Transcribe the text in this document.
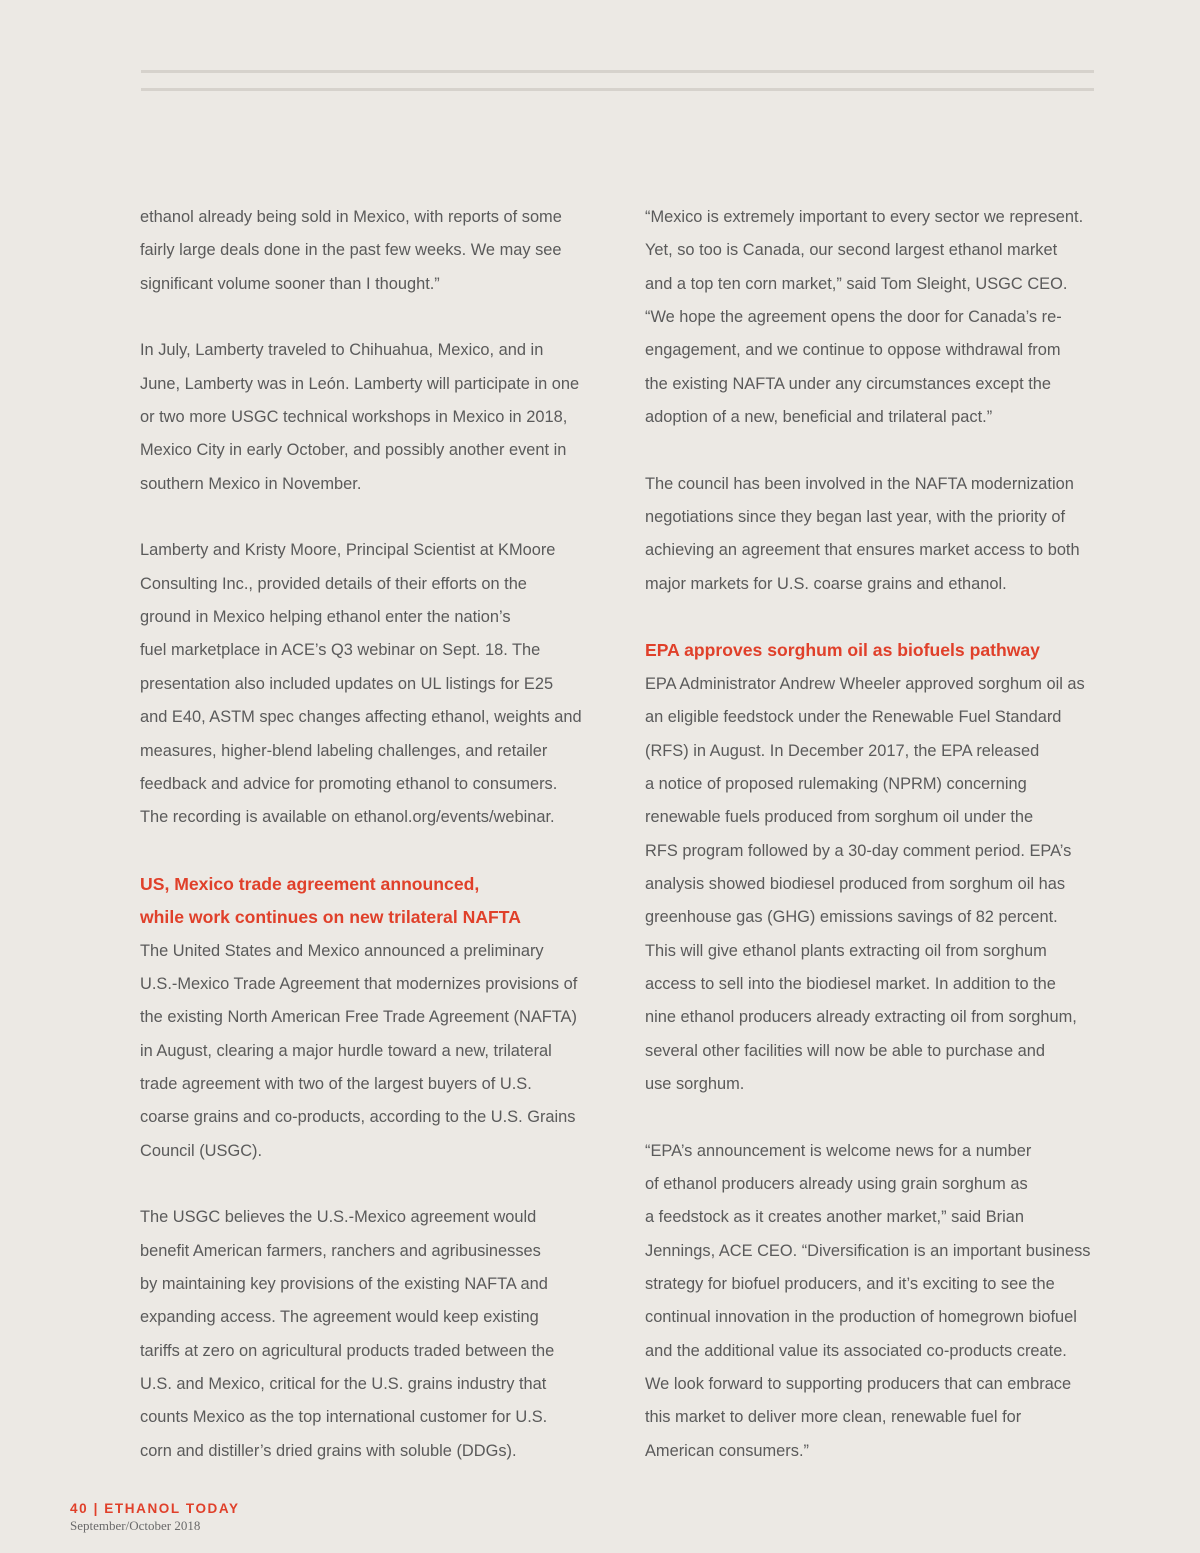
ethanol already being sold in Mexico, with reports of some
fairly large deals done in the past few weeks. We may see
significant volume sooner than I thought.”
In July, Lamberty traveled to Chihuahua, Mexico, and in
June, Lamberty was in León. Lamberty will participate in one
or two more USGC technical workshops in Mexico in 2018,
Mexico City in early October, and possibly another event in
southern Mexico in November.
Lamberty and Kristy Moore, Principal Scientist at KMoore
Consulting Inc., provided details of their efforts on the
ground in Mexico helping ethanol enter the nation’s
fuel marketplace in ACE’s Q3 webinar on Sept. 18. The
presentation also included updates on UL listings for E25
and E40, ASTM spec changes affecting ethanol, weights and
measures, higher-blend labeling challenges, and retailer
feedback and advice for promoting ethanol to consumers.
The recording is available on ethanol.org/events/webinar.
US, Mexico trade agreement announced,
while work continues on new trilateral NAFTA
The United States and Mexico announced a preliminary
U.S.-Mexico Trade Agreement that modernizes provisions of
the existing North American Free Trade Agreement (NAFTA)
in August, clearing a major hurdle toward a new, trilateral
trade agreement with two of the largest buyers of U.S.
coarse grains and co-products, according to the U.S. Grains
Council (USGC).
The USGC believes the U.S.-Mexico agreement would
benefit American farmers, ranchers and agribusinesses
by maintaining key provisions of the existing NAFTA and
expanding access. The agreement would keep existing
tariffs at zero on agricultural products traded between the
U.S. and Mexico, critical for the U.S. grains industry that
counts Mexico as the top international customer for U.S.
corn and distiller’s dried grains with soluble (DDGs).
“Mexico is extremely important to every sector we represent.
Yet, so too is Canada, our second largest ethanol market
and a top ten corn market,” said Tom Sleight, USGC CEO.
“We hope the agreement opens the door for Canada’s re-
engagement, and we continue to oppose withdrawal from
the existing NAFTA under any circumstances except the
adoption of a new, beneficial and trilateral pact.”
The council has been involved in the NAFTA modernization
negotiations since they began last year, with the priority of
achieving an agreement that ensures market access to both
major markets for U.S. coarse grains and ethanol.
EPA approves sorghum oil as biofuels pathway
EPA Administrator Andrew Wheeler approved sorghum oil as
an eligible feedstock under the Renewable Fuel Standard
(RFS) in August. In December 2017, the EPA released
a notice of proposed rulemaking (NPRM) concerning
renewable fuels produced from sorghum oil under the
RFS program followed by a 30-day comment period. EPA’s
analysis showed biodiesel produced from sorghum oil has
greenhouse gas (GHG) emissions savings of 82 percent.
This will give ethanol plants extracting oil from sorghum
access to sell into the biodiesel market. In addition to the
nine ethanol producers already extracting oil from sorghum,
several other facilities will now be able to purchase and
use sorghum.
“EPA’s announcement is welcome news for a number
of ethanol producers already using grain sorghum as
a feedstock as it creates another market,” said Brian
Jennings, ACE CEO. “Diversification is an important business
strategy for biofuel producers, and it’s exciting to see the
continual innovation in the production of homegrown biofuel
and the additional value its associated co-products create.
We look forward to supporting producers that can embrace
this market to deliver more clean, renewable fuel for
American consumers.”
40 | ETHANOL TODAY
September/October 2018
